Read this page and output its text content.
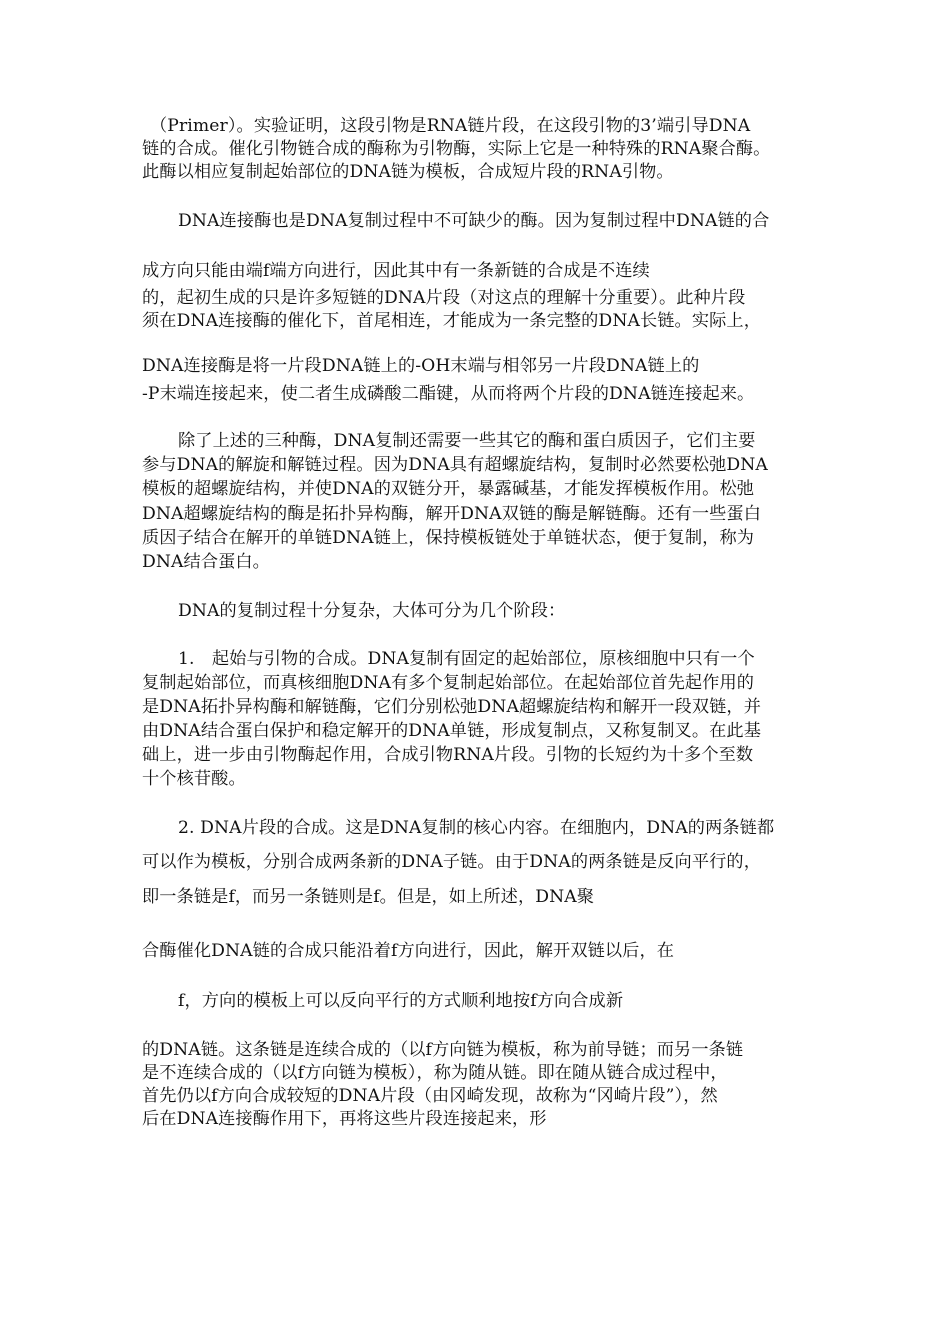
（Primer）。实验证明，这段引物是RNA链片段，在这段引物的3’端引导DNA
链的合成。催化引物链合成的酶称为引物酶，实际上它是一种特殊的RNA聚合酶。
此酶以相应复制起始部位的DNA链为模板，合成短片段的RNA引物。
DNA连接酶也是DNA复制过程中不可缺少的酶。因为复制过程中DNA链的合
成方向只能由端f端方向进行，因此其中有一条新链的合成是不连续
的，起初生成的只是许多短链的DNA片段（对这点的理解十分重要）。此种片段
须在DNA连接酶的催化下，首尾相连，才能成为一条完整的DNA长链。实际上，
DNA连接酶是将一片段DNA链上的-OH末端与相邻另一片段DNA链上的
-P末端连接起来，使二者生成磷酸二酯键，从而将两个片段的DNA链连接起来。
除了上述的三种酶，DNA复制还需要一些其它的酶和蛋白质因子，它们主要
参与DNA的解旋和解链过程。因为DNA具有超螺旋结构，复制时必然要松弛DNA
模板的超螺旋结构，并使DNA的双链分开，暴露碱基，才能发挥模板作用。松弛
DNA超螺旋结构的酶是拓扑异构酶，解开DNA双链的酶是解链酶。还有一些蛋白
质因子结合在解开的单链DNA链上，保持模板链处于单链状态，便于复制，称为
DNA结合蛋白。
DNA的复制过程十分复杂，大体可分为几个阶段：
1.　起始与引物的合成。DNA复制有固定的起始部位，原核细胞中只有一个
复制起始部位，而真核细胞DNA有多个复制起始部位。在起始部位首先起作用的
是DNA拓扑异构酶和解链酶，它们分别松弛DNA超螺旋结构和解开一段双链，并
由DNA结合蛋白保护和稳定解开的DNA单链，形成复制点，又称复制叉。在此基
础上，进一步由引物酶起作用，合成引物RNA片段。引物的长短约为十多个至数
十个核苷酸。
2. DNA片段的合成。这是DNA复制的核心内容。在细胞内，DNA的两条链都
可以作为模板，分别合成两条新的DNA子链。由于DNA的两条链是反向平行的，
即一条链是f，而另一条链则是f。但是，如上所述，DNA聚
合酶催化DNA链的合成只能沿着f方向进行，因此，解开双链以后，在
f，方向的模板上可以反向平行的方式顺利地按f方向合成新
的DNA链。这条链是连续合成的（以f方向链为模板，称为前导链；而另一条链
是不连续合成的（以f方向链为模板），称为随从链。即在随从链合成过程中，
首先仍以f方向合成较短的DNA片段（由冈崎发现，故称为“冈崎片段”），然
后在DNA连接酶作用下，再将这些片段连接起来，形
